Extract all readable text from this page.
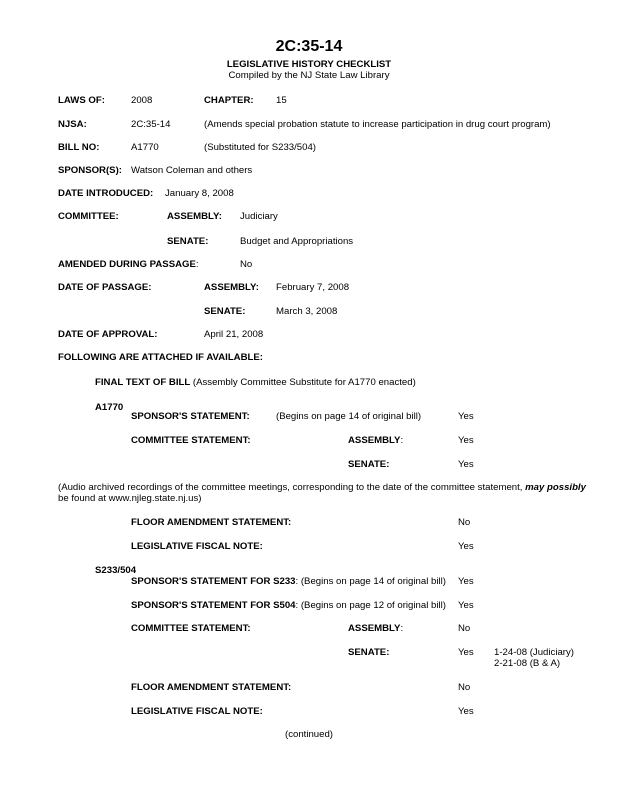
2C:35-14
LEGISLATIVE HISTORY CHECKLIST
Compiled by the NJ State Law Library
LAWS OF:	2008	CHAPTER: 15
NJSA:	2C:35-14	(Amends special probation statute to increase participation in drug court program)
BILL NO:	A1770	(Substituted for S233/504)
SPONSOR(S): Watson Coleman and others
DATE INTRODUCED: January 8, 2008
COMMITTEE:	ASSEMBLY: Judiciary
SENATE:	Budget and Appropriations
AMENDED DURING PASSAGE:	No
DATE OF PASSAGE:	ASSEMBLY: February 7, 2008
SENATE:	March 3, 2008
DATE OF APPROVAL:	April 21, 2008
FOLLOWING ARE ATTACHED IF AVAILABLE:
FINAL TEXT OF BILL (Assembly Committee Substitute for A1770 enacted)
A1770
SPONSOR'S STATEMENT:	(Begins on page 14 of original bill)	Yes
COMMITTEE STATEMENT:	ASSEMBLY:	Yes
SENATE:	Yes
(Audio archived recordings of the committee meetings, corresponding to the date of the committee statement, may possibly
be found at www.njleg.state.nj.us)
FLOOR AMENDMENT STATEMENT:	No
LEGISLATIVE FISCAL NOTE:	Yes
S233/504
SPONSOR'S STATEMENT FOR S233: (Begins on page 14 of original bill) Yes
SPONSOR'S STATEMENT FOR S504: (Begins on page 12 of original bill) Yes
COMMITTEE STATEMENT:	ASSEMBLY:	No
SENATE:	Yes 1-24-08 (Judiciary)
2-21-08 (B & A)
FLOOR AMENDMENT STATEMENT:	No
LEGISLATIVE FISCAL NOTE:	Yes
(continued)
